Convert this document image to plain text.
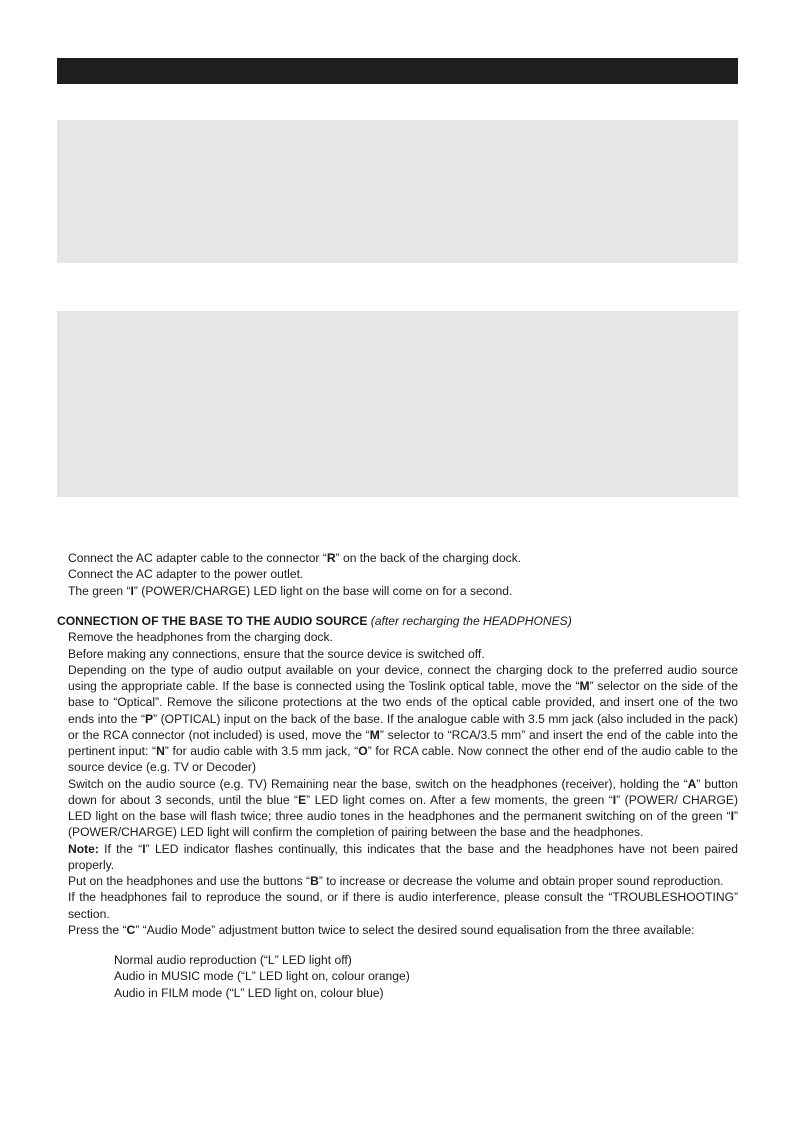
Connect the AC adapter cable to the connector “R” on the back of the charging dock.
Connect the AC adapter to the power outlet.
The green “I” (POWER/CHARGE) LED light on the base will come on for a second.
CONNECTION OF THE BASE TO THE AUDIO SOURCE (after recharging the HEADPHONES)
Remove the headphones from the charging dock.
Before making any connections, ensure that the source device is switched off.
Depending on the type of audio output available on your device, connect the charging dock to the preferred audio source using the appropriate cable. If the base is connected using the Toslink optical table, move the “M” selector on the side of the base to “Optical”. Remove the silicone protections at the two ends of the optical cable provided, and insert one of the two ends into the “P” (OPTICAL) input on the back of the base. If the analogue cable with 3.5 mm jack (also included in the pack) or the RCA connector (not included) is used, move the “M” selector to “RCA/3.5 mm” and insert the end of the cable into the pertinent input: “N” for audio cable with 3.5 mm jack, “O” for RCA cable. Now connect the other end of the audio cable to the source device (e.g. TV or Decoder)
Switch on the audio source (e.g. TV) Remaining near the base, switch on the headphones (receiver), holding the “A” button down for about 3 seconds, until the blue “E” LED light comes on. After a few moments, the green “I” (POWER/ CHARGE) LED light on the base will flash twice; three audio tones in the headphones and the permanent switching on of the green “I” (POWER/CHARGE) LED light will confirm the completion of pairing between the base and the headphones.
Note: If the “I” LED indicator flashes continually, this indicates that the base and the headphones have not been paired properly.
Put on the headphones and use the buttons “B” to increase or decrease the volume and obtain proper sound reproduction.
If the headphones fail to reproduce the sound, or if there is audio interference, please consult the “TROUBLESHOOTING” section.
Press the “C” “Audio Mode” adjustment button twice to select the desired sound equalisation from the three available:
Normal audio reproduction (“L” LED light off)
Audio in MUSIC mode (“L” LED light on, colour orange)
Audio in FILM mode (“L” LED light on, colour blue)
